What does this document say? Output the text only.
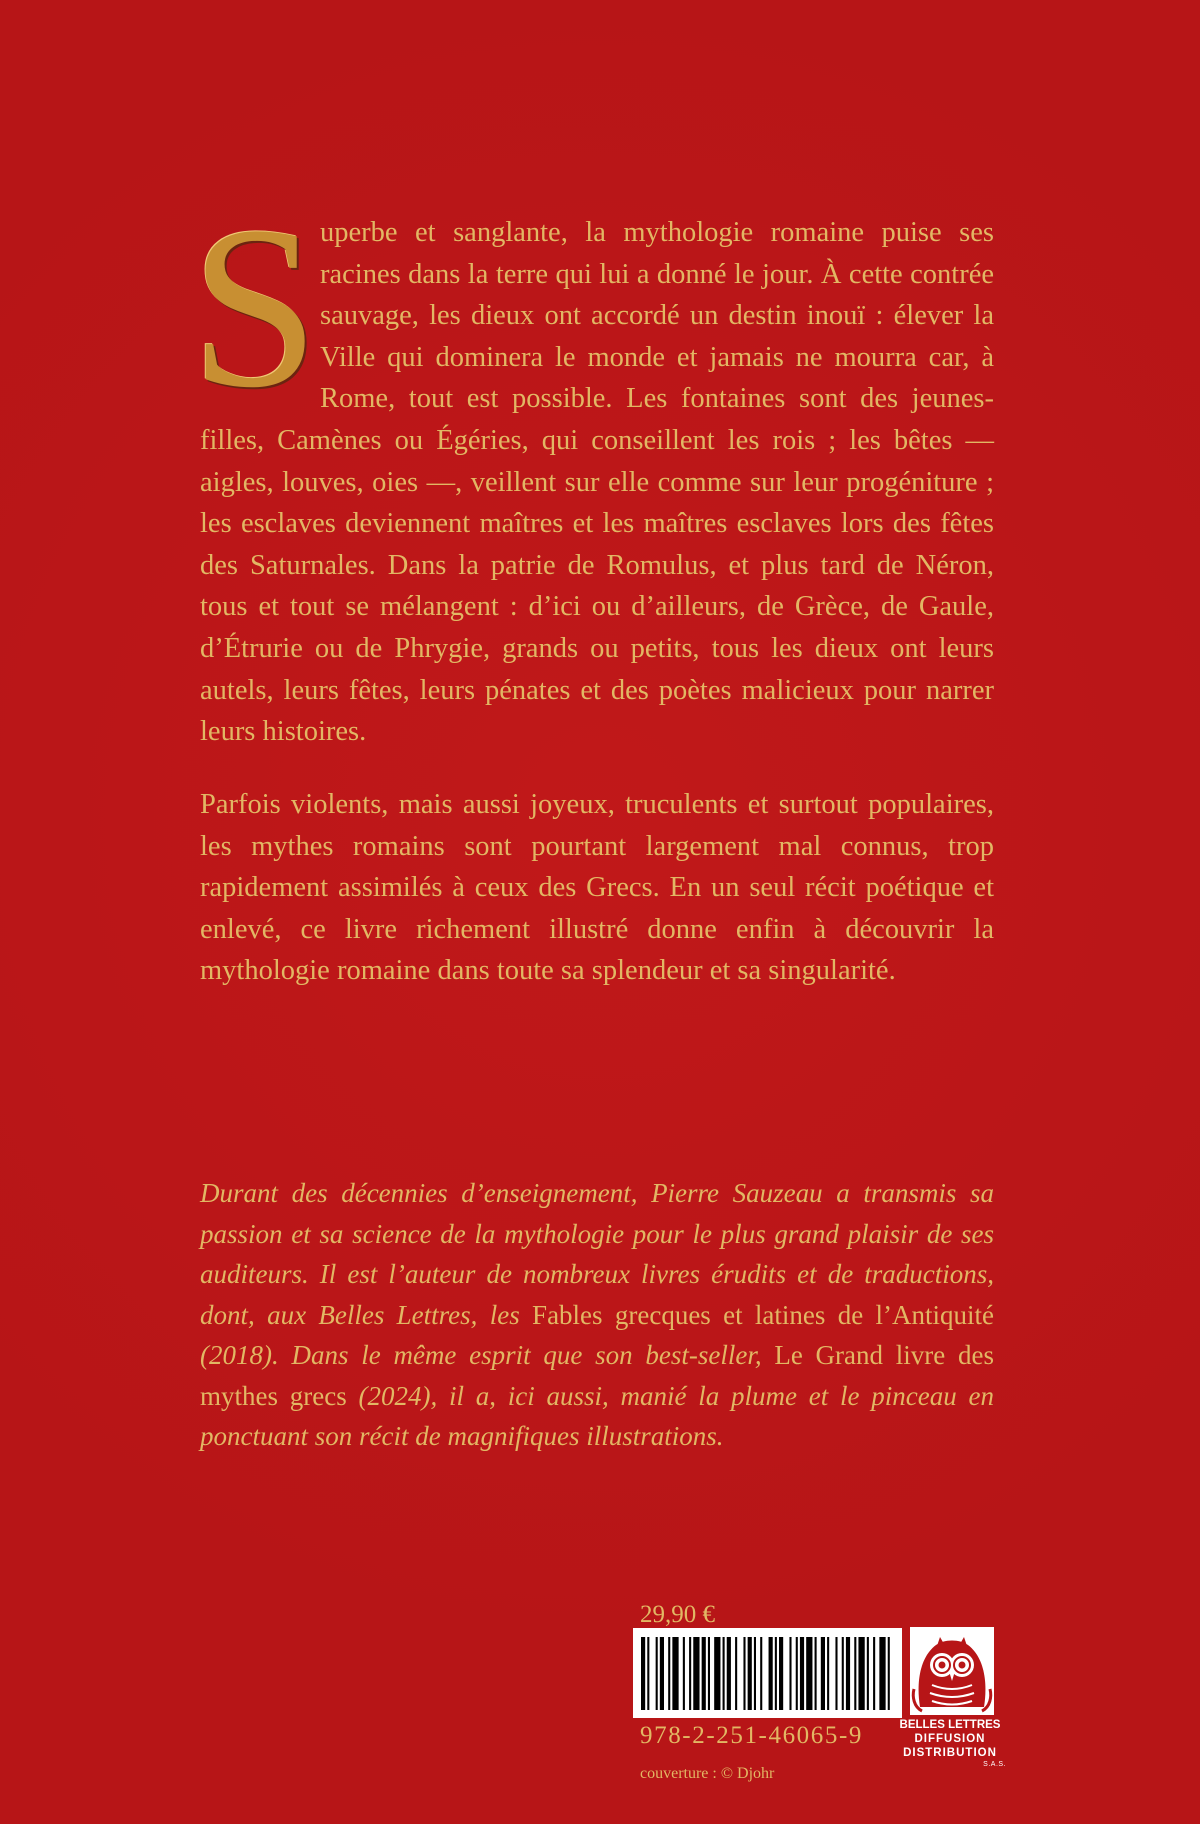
Superbe et sanglante, la mythologie romaine puise ses racines dans la terre qui lui a donné le jour. À cette contrée sauvage, les dieux ont accordé un destin inouï : élever la Ville qui dominera le monde et jamais ne mourra car, à Rome, tout est possible. Les fontaines sont des jeunes-filles, Camènes ou Égéries, qui conseillent les rois ; les bêtes — aigles, louves, oies —, veillent sur elle comme sur leur progéniture ; les esclaves deviennent maîtres et les maîtres esclaves lors des fêtes des Saturnales. Dans la patrie de Romulus, et plus tard de Néron, tous et tout se mélangent : d’ici ou d’ailleurs, de Grèce, de Gaule, d’Étrurie ou de Phrygie, grands ou petits, tous les dieux ont leurs autels, leurs fêtes, leurs pénates et des poètes malicieux pour narrer leurs histoires.
Parfois violents, mais aussi joyeux, truculents et surtout populaires, les mythes romains sont pourtant largement mal connus, trop rapidement assimilés à ceux des Grecs. En un seul récit poétique et enlevé, ce livre richement illustré donne enfin à découvrir la mythologie romaine dans toute sa splendeur et sa singularité.
Durant des décennies d’enseignement, Pierre Sauzeau a transmis sa passion et sa science de la mythologie pour le plus grand plaisir de ses auditeurs. Il est l’auteur de nombreux livres érudits et de traductions, dont, aux Belles Lettres, les Fables grecques et latines de l’Antiquité (2018). Dans le même esprit que son best-seller, Le Grand livre des mythes grecs (2024), il a, ici aussi, manié la plume et le pinceau en ponctuant son récit de magnifiques illustrations.
29,90 €
978-2-251-46065-9
couverture : © Djohr
BELLES LETTRES
DIFFUSION
DISTRIBUTION
S.A.S.
